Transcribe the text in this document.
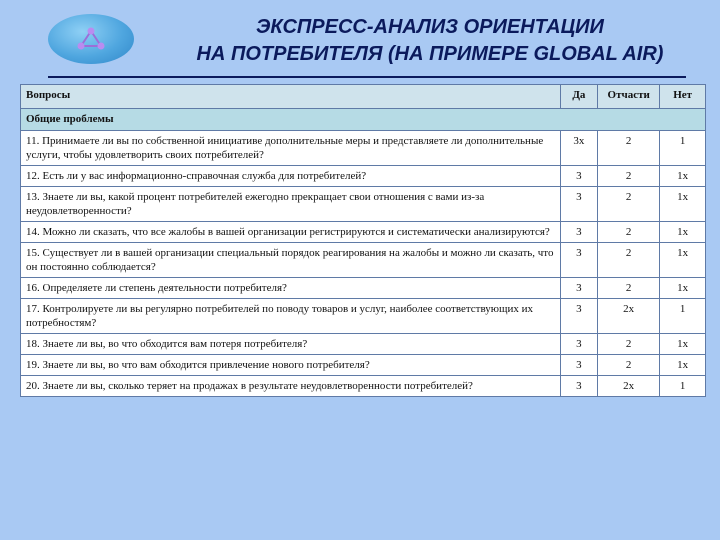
ЭКСПРЕСС-АНАЛИЗ ОРИЕНТАЦИИ
НА ПОТРЕБИТЕЛЯ (НА ПРИМЕРЕ GLOBAL AIR)
Вопросы	Да	Отчасти	Нет
Общие проблемы			
11. Принимаете ли вы по собственной инициативе дополнительные меры и представляете ли дополнительные услуги, чтобы удовлетворить своих потребителей?	3x	2	1
12. Есть ли у вас информационно-справочная служба для потребителей?	3	2	1x
13. Знаете ли вы, какой процент потребителей ежегодно прекращает свои отношения с вами из-за неудовлетворенности?	3	2	1x
14. Можно ли сказать, что все жалобы в вашей организации регистрируются и систематически анализируются?	3	2	1x
15. Существует ли в вашей организации специальный порядок реагирования на жалобы и можно ли сказать, что он постоянно соблюдается?	3	2	1x
16. Определяете ли степень деятельности потребителя?	3	2	1x
17. Контролируете ли вы регулярно потребителей по поводу товаров и услуг, наиболее соответствующих их потребностям?	3	2x	1
18. Знаете ли вы, во что обходится вам потеря потребителя?	3	2	1x
19. Знаете ли вы, во что вам обходится привлечение нового потребителя?	3	2	1x
20. Знаете ли вы, сколько теряет на продажах в результате неудовлетворенности потребителей?	3	2x	1
